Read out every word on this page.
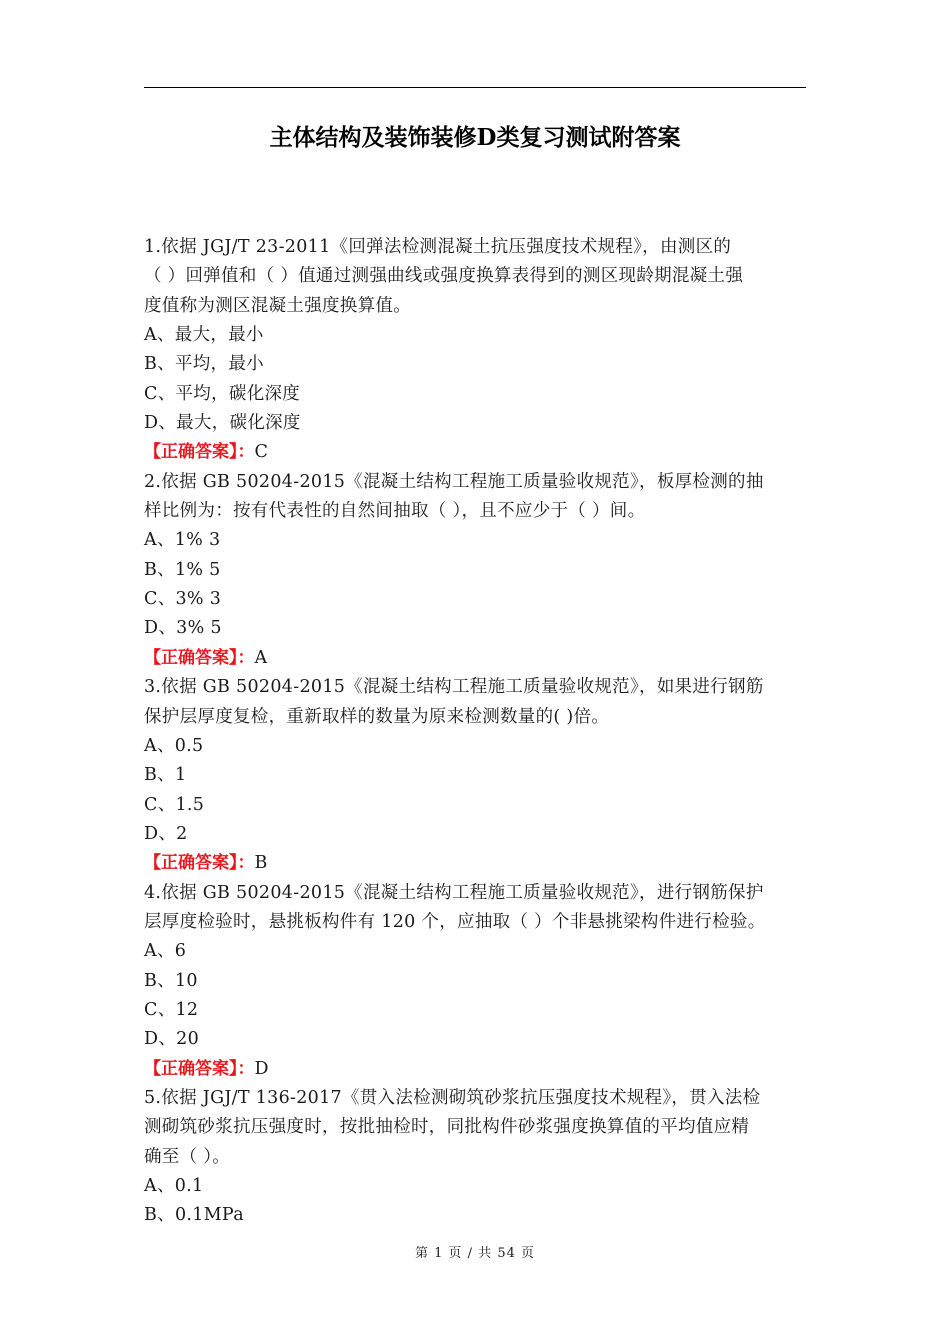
主体结构及装饰装修D类复习测试附答案
1.依据 JGJ/T 23-2011《回弹法检测混凝土抗压强度技术规程》，由测区的
（ ）回弹值和（ ）值通过测强曲线或强度换算表得到的测区现龄期混凝土强
度值称为测区混凝土强度换算值。
A、最大，最小
B、平均，最小
C、平均，碳化深度
D、最大，碳化深度
【正确答案】：C
2.依据 GB 50204-2015《混凝土结构工程施工质量验收规范》，板厚检测的抽
样比例为：按有代表性的自然间抽取（ ），且不应少于（ ）间。
A、1% 3
B、1% 5
C、3% 3
D、3% 5
【正确答案】：A
3.依据 GB 50204-2015《混凝土结构工程施工质量验收规范》，如果进行钢筋
保护层厚度复检，重新取样的数量为原来检测数量的( )倍。
A、0.5
B、1
C、1.5
D、2
【正确答案】：B
4.依据 GB 50204-2015《混凝土结构工程施工质量验收规范》，进行钢筋保护
层厚度检验时，悬挑板构件有 120 个，应抽取（ ）个非悬挑梁构件进行检验。
A、6
B、10
C、12
D、20
【正确答案】：D
5.依据 JGJ/T 136-2017《贯入法检测砌筑砂浆抗压强度技术规程》，贯入法检
测砌筑砂浆抗压强度时，按批抽检时，同批构件砂浆强度换算值的平均值应精
确至（ ）。
A、0.1
B、0.1MPa
第 1 页 / 共 54 页
